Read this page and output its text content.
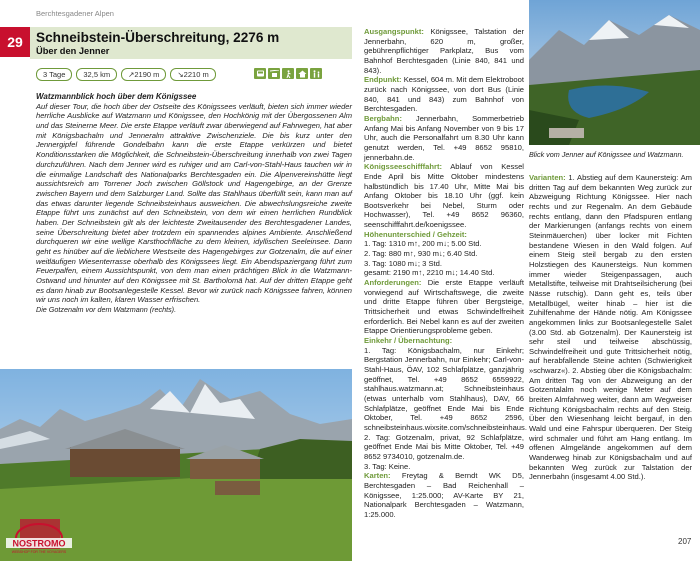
Berchtesgadener Alpen
29 Schneibstein-Überschreitung, 2276 m
Über den Jenner
3 Tage	32,5 km	↗2190 m	↘2210 m

Watzmannblick hoch über dem Königssee

Auf dieser Tour, die hoch über der Ostseite des Königssees verläuft, bieten sich immer wieder herrliche Ausblicke auf Watzmann und Königssee, den Hochkönig mit der Übergossenen Alm und das Steinerne Meer. Die erste Etappe verläuft zwar überwiegend auf Fahrwegen, hat aber mit Königsbachalm und Jenneralm attraktive Zwischenziele. Die bis kurz unter den Jennergipfel führende Gondelbahn kann die erste Etappe verkürzen und bietet Konditionsstarken die Möglichkeit, die Schneibstein-Überschreitung innerhalb von zwei Tagen durchzuführen. Nach dem Jenner wird es ruhiger und am Carl-von-Stahl-Haus tauchen wir in die einmalige Landschaft des Nationalparks Berchtesgaden ein. Die Alpenvereinshütte liegt aussichtsreich am Torrener Joch zwischen Göllstock und Hagengebirge, an der Grenze zwischen Bayern und dem Salzburger Land. Sollte das Stahlhaus überfüllt sein, kann man auf das etwas darunter liegende Schneibsteinhaus ausweichen. Die abwechslungsreiche zweite Etappe führt uns zunächst auf den Schneibstein, von dem wir einen herrlichen Rundblick haben. Der Schneibstein gilt als der leichteste Zweitausender des Berchtesgadener Landes, seine Überschreitung bietet aber trotzdem ein spannendes alpines Ambiente. Anschließend durchqueren wir eine wellige Karsthochfläche zu dem kleinen, idyllischen Seeleinsee. Dann geht es hinüber auf die lieblichere Westseite des Hagengebirges zur Gotzenalm, die auf einer weitläufigen Wiesenterrasse oberhalb des Königssees liegt. Ein Abendspaziergang führt zum Feuerpalfen, einem Aussichtspunkt, von dem man einen prächtigen Blick in die Watzmann-Ostwand und hinunter auf den Königssee mit St. Bartholomä hat. Auf der dritten Etappe geht es dann hinab zur Bootsanlegestelle Kessel. Bevor wir zurück nach Königssee fahren, können wir uns noch im kalten, klaren Wasser erfrischen.

Die Gotzenalm vor dem Watzmann (rechts).

NOSTROMO
WEBSHOP FOR THE VOYAGERS

Ausgangspunkt: Königssee, Talstation der Jennerbahn, 620 m, großer, gebührenpflichtiger Parkplatz, Bus vom Bahnhof Berchtesgaden (Linie 840, 841 und 843).

Endpunkt: Kessel, 604 m. Mit dem Elektroboot zurück nach Königssee, von dort Bus (Linie 840, 841 und 843) zum Bahnhof von Berchtesgaden.

Bergbahn: Jennerbahn, Sommerbetrieb Anfang Mai bis Anfang November von 9 bis 17 Uhr, auch die Personalfahrt um 8.30 Uhr kann genutzt werden, Tel. +49 8652 95810, jennerbahn.de.

Königsseeschifffahrt: Ablauf von Kessel Ende April bis Mitte Oktober mindestens halbstündlich bis 17.40 Uhr, Mitte Mai bis Anfang Oktober bis 18.10 Uhr (ggf. kein Bootsverkehr bei Nebel, Sturm oder Hochwasser), Tel. +49 8652 96360, seenschifffahrt.de/koenigssee.

Höhenunterschied / Gehzeit:

1. Tag: 1310 m↑, 200 m↓; 5.00 Std.

2. Tag: 880 m↑, 930 m↓; 6.40 Std.

3. Tag: 1080 m↓; 3 Std.

gesamt: 2190 m↑, 2210 m↓; 14.40 Std.

Anforderungen: Die erste Etappe verläuft vorwiegend auf Wirtschaftswege, die zweite und dritte Etappe führen über Bergsteige, Trittsicherheit und etwas Schwindelfreiheit erforderlich. Bei Nebel kann es auf der zweiten Etappe Orientierungsprobleme geben.

Einkehr / Übernachtung:

1. Tag: Königsbachalm, nur Einkehr; Bergstation Jennerbahn, nur Einkehr; Carl-von-Stahl-Haus, ÖAV, 102 Schlafplätze, ganzjährig geöffnet, Tel. +49 8652 6559922, stahlhaus.watzmann.at; Schneibsteinhaus (etwas unterhalb vom Stahlhaus), DAV, 66 Schlafplätze, geöffnet Ende Mai bis Ende Oktober, Tel. +49 8652 2596, schneibsteinhaus.wixsite.com/schneibsteinhaus.

2. Tag: Gotzenalm, privat, 92 Schlafplätze, geöffnet Ende Mai bis Mitte Oktober, Tel. +49 8652 9734010, gotzenalm.de.

3. Tag: Keine.

Karten: Freytag & Berndt WK D5, Berchtesgaden – Bad Reichenhall – Königssee, 1:25.000; AV-Karte BY 21, Nationalpark Berchtesgaden – Watzmann, 1:25.000.

Blick vom Jenner auf Königssee und Watzmann.

Varianten: 1. Abstieg auf dem Kaunersteig: Am dritten Tag auf dem bekannten Weg zurück zur Abzweigung Richtung Königssee. Hier nach rechts und zur Regenalm. An dem Gebäude rechts entlang, dann den Pfadspuren entlang der Markierungen (anfangs rechts von einem Steinmäuerchen) über locker mit Fichten bestandene Wiesen in den Wald folgen. Auf einem Steig steil bergab zu den ersten Holzstiegen des Kaunersteigs. Nun kommen immer wieder Steigenpassagen, auch Metallstifte, teilweise mit Drahtseilsicherung (bei Nässe rutschig). Dann geht es, teils über Metallbügel, weiter hinab – hier ist die Zuhilfenahme der Hände nötig. Am Königssee angekommen links zur Bootsanlegestelle Salet (3.00 Std. ab Gotzenalm). Der Kaunersteig ist sehr steil und teilweise abschüssig, Schwindelfreiheit und gute Trittsicherheit nötig, auf herabfallende Steine achten (Schwierigkeit »schwarz«). 2. Abstieg über die Königsbachalm: Am dritten Tag von der Abzweigung an der Gotzentalalm noch wenige Meter auf dem breiten Almfahrweg weiter, dann am Wegweiser Richtung Königsbachalm rechts auf den Steig. Über den Wiesenhang leicht bergauf, in den Wald und eine Fahrspur überqueren. Der Steig wird schmaler und führt am Hang entlang. Im offenen Almgelände angekommen auf dem Wanderweg hinab zur Königsbachalm und auf bekannten Weg zurück zur Talstation der Jennerbahn (insgesamt 4.00 Std.).

207
